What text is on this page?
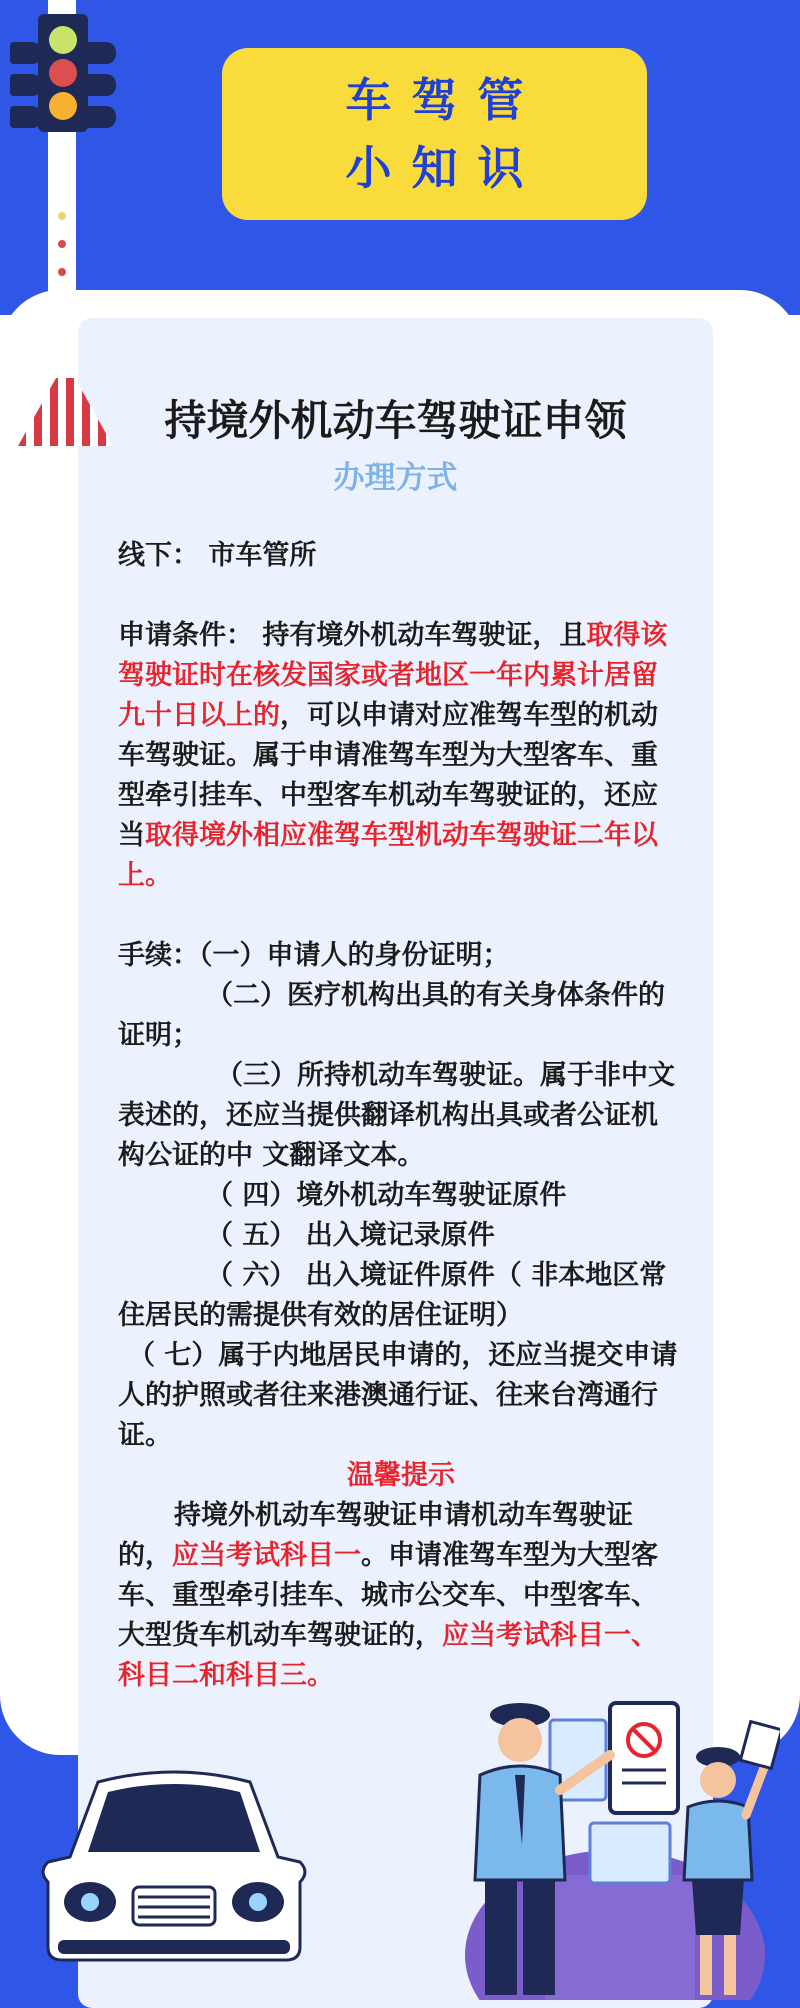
车驾管
小知识
持境外机动车驾驶证申领
办理方式

线下： 市车管所

申请条件： 持有境外机动车驾驶证，且取得该驾驶证时在核发国家或者地区一年内累计居留九十日以上的，可以申请对应准驾车型的机动车驾驶证。属于申请准驾车型为大型客车、重型牵引挂车、中型客车机动车驾驶证的，还应当取得境外相应准驾车型机动车驾驶证二年以上。

手续：（一）申请人的身份证明；

（二）医疗机构出具的有关身体条件的证明；

（三）所持机动车驾驶证。属于非中文表述的，还应当提供翻译机构出具或者公证机构公证的中 文翻译文本。

（ 四）境外机动车驾驶证原件

（ 五） 出入境记录原件

（ 六） 出入境证件原件（ 非本地区常住居民的需提供有效的居住证明）

（ 七）属于内地居民申请的，还应当提交申请人的护照或者往来港澳通行证、往来台湾通行证。

温馨提示

持境外机动车驾驶证申请机动车驾驶证的，应当考试科目一。申请准驾车型为大型客车、重型牵引挂车、城市公交车、中型客车、大型货车机动车驾驶证的，应当考试科目一、科目二和科目三。
